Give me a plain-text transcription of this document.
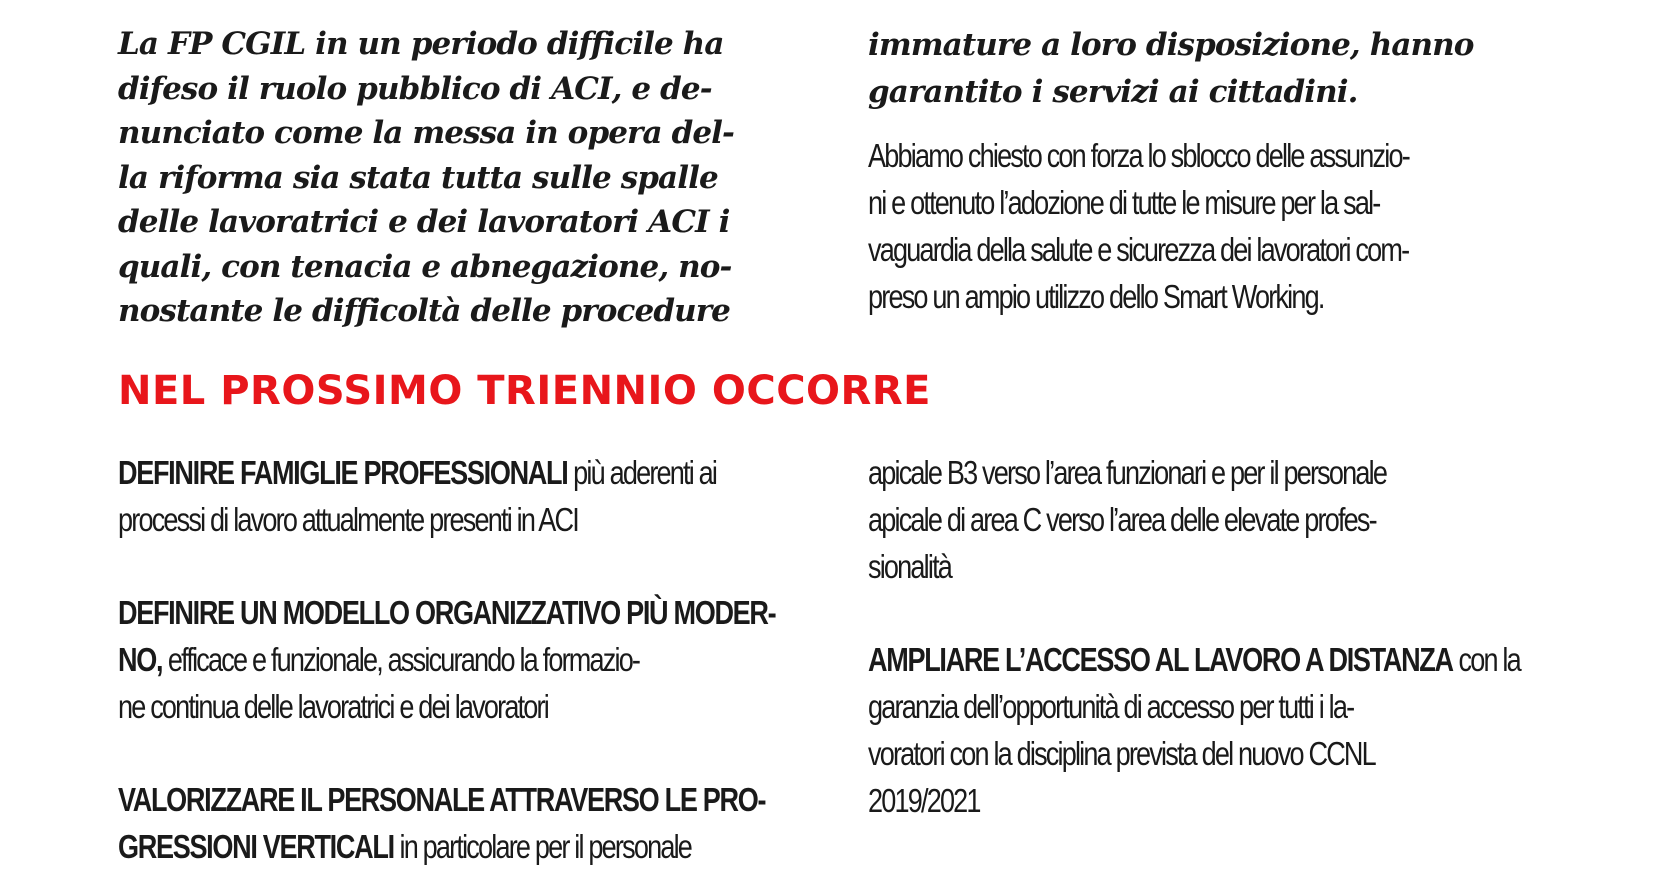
La FP CGIL in un periodo difficile ha
difeso il ruolo pubblico di ACI, e de-
nunciato come la messa in opera del-
la riforma sia stata tutta sulle spalle
delle lavoratrici e dei lavoratori ACI i
quali, con tenacia e abnegazione, no-
nostante le difficoltà delle procedure
immature a loro disposizione, hanno
garantito i servizi ai cittadini.
Abbiamo chiesto con forza lo sblocco delle assunzio-
ni e ottenuto l’adozione di tutte le misure per la sal-
vaguardia della salute e sicurezza dei lavoratori com-
preso un ampio utilizzo dello Smart Working.
NEL PROSSIMO TRIENNIO OCCORRE
DEFINIRE FAMIGLIE PROFESSIONALI più aderenti ai
processi di lavoro attualmente presenti in ACI
DEFINIRE UN MODELLO ORGANIZZATIVO PIÙ MODER-
NO, efficace e funzionale, assicurando la formazio-
ne continua delle lavoratrici e dei lavoratori
VALORIZZARE IL PERSONALE ATTRAVERSO LE PRO-
GRESSIONI VERTICALI in particolare per il personale
apicale B3 verso l’area funzionari e per il personale
apicale di area C verso l’area delle elevate profes-
sionalità
AMPLIARE L’ACCESSO AL LAVORO A DISTANZA con la
garanzia dell’opportunità di accesso per tutti i la-
voratori con la disciplina prevista del nuovo CCNL
2019/2021
